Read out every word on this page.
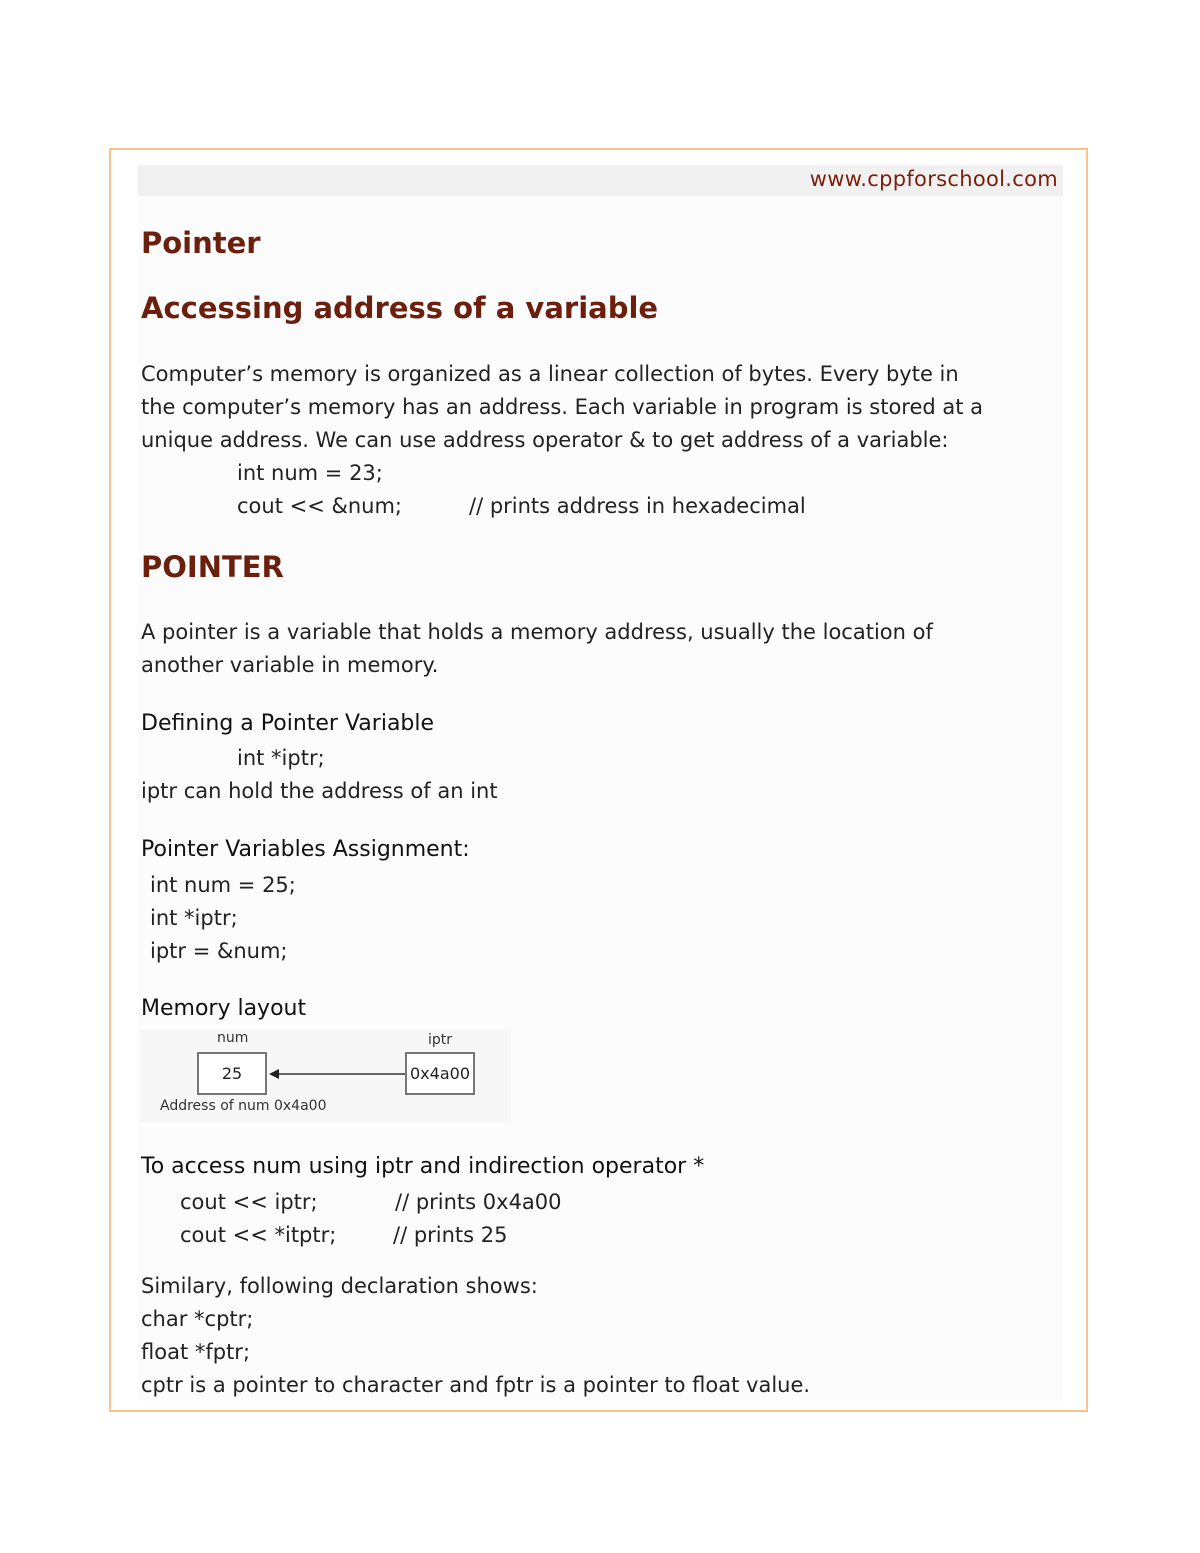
www.cppforschool.com
Pointer
Accessing address of a variable
Computer’s memory is organized as a linear collection of bytes. Every byte in
the computer’s memory has an address. Each variable in program is stored at a
unique address. We can use address operator & to get address of a variable:
int num = 23;
cout << &num;	// prints address in hexadecimal
POINTER
A pointer is a variable that holds a memory address, usually the location of
another variable in memory.
Defining a Pointer Variable
int *iptr;
iptr can hold the address of an int
Pointer Variables Assignment:
int num = 25;
int *iptr;
iptr = &num;
Memory layout
num
25
iptr
0x4a00
Address of num 0x4a00
To access num using iptr and indirection operator *
cout << iptr;	// prints 0x4a00
cout << *itptr;	// prints 25
Similary, following declaration shows:
char *cptr;
float *fptr;
cptr is a pointer to character and fptr is a pointer to float value.
